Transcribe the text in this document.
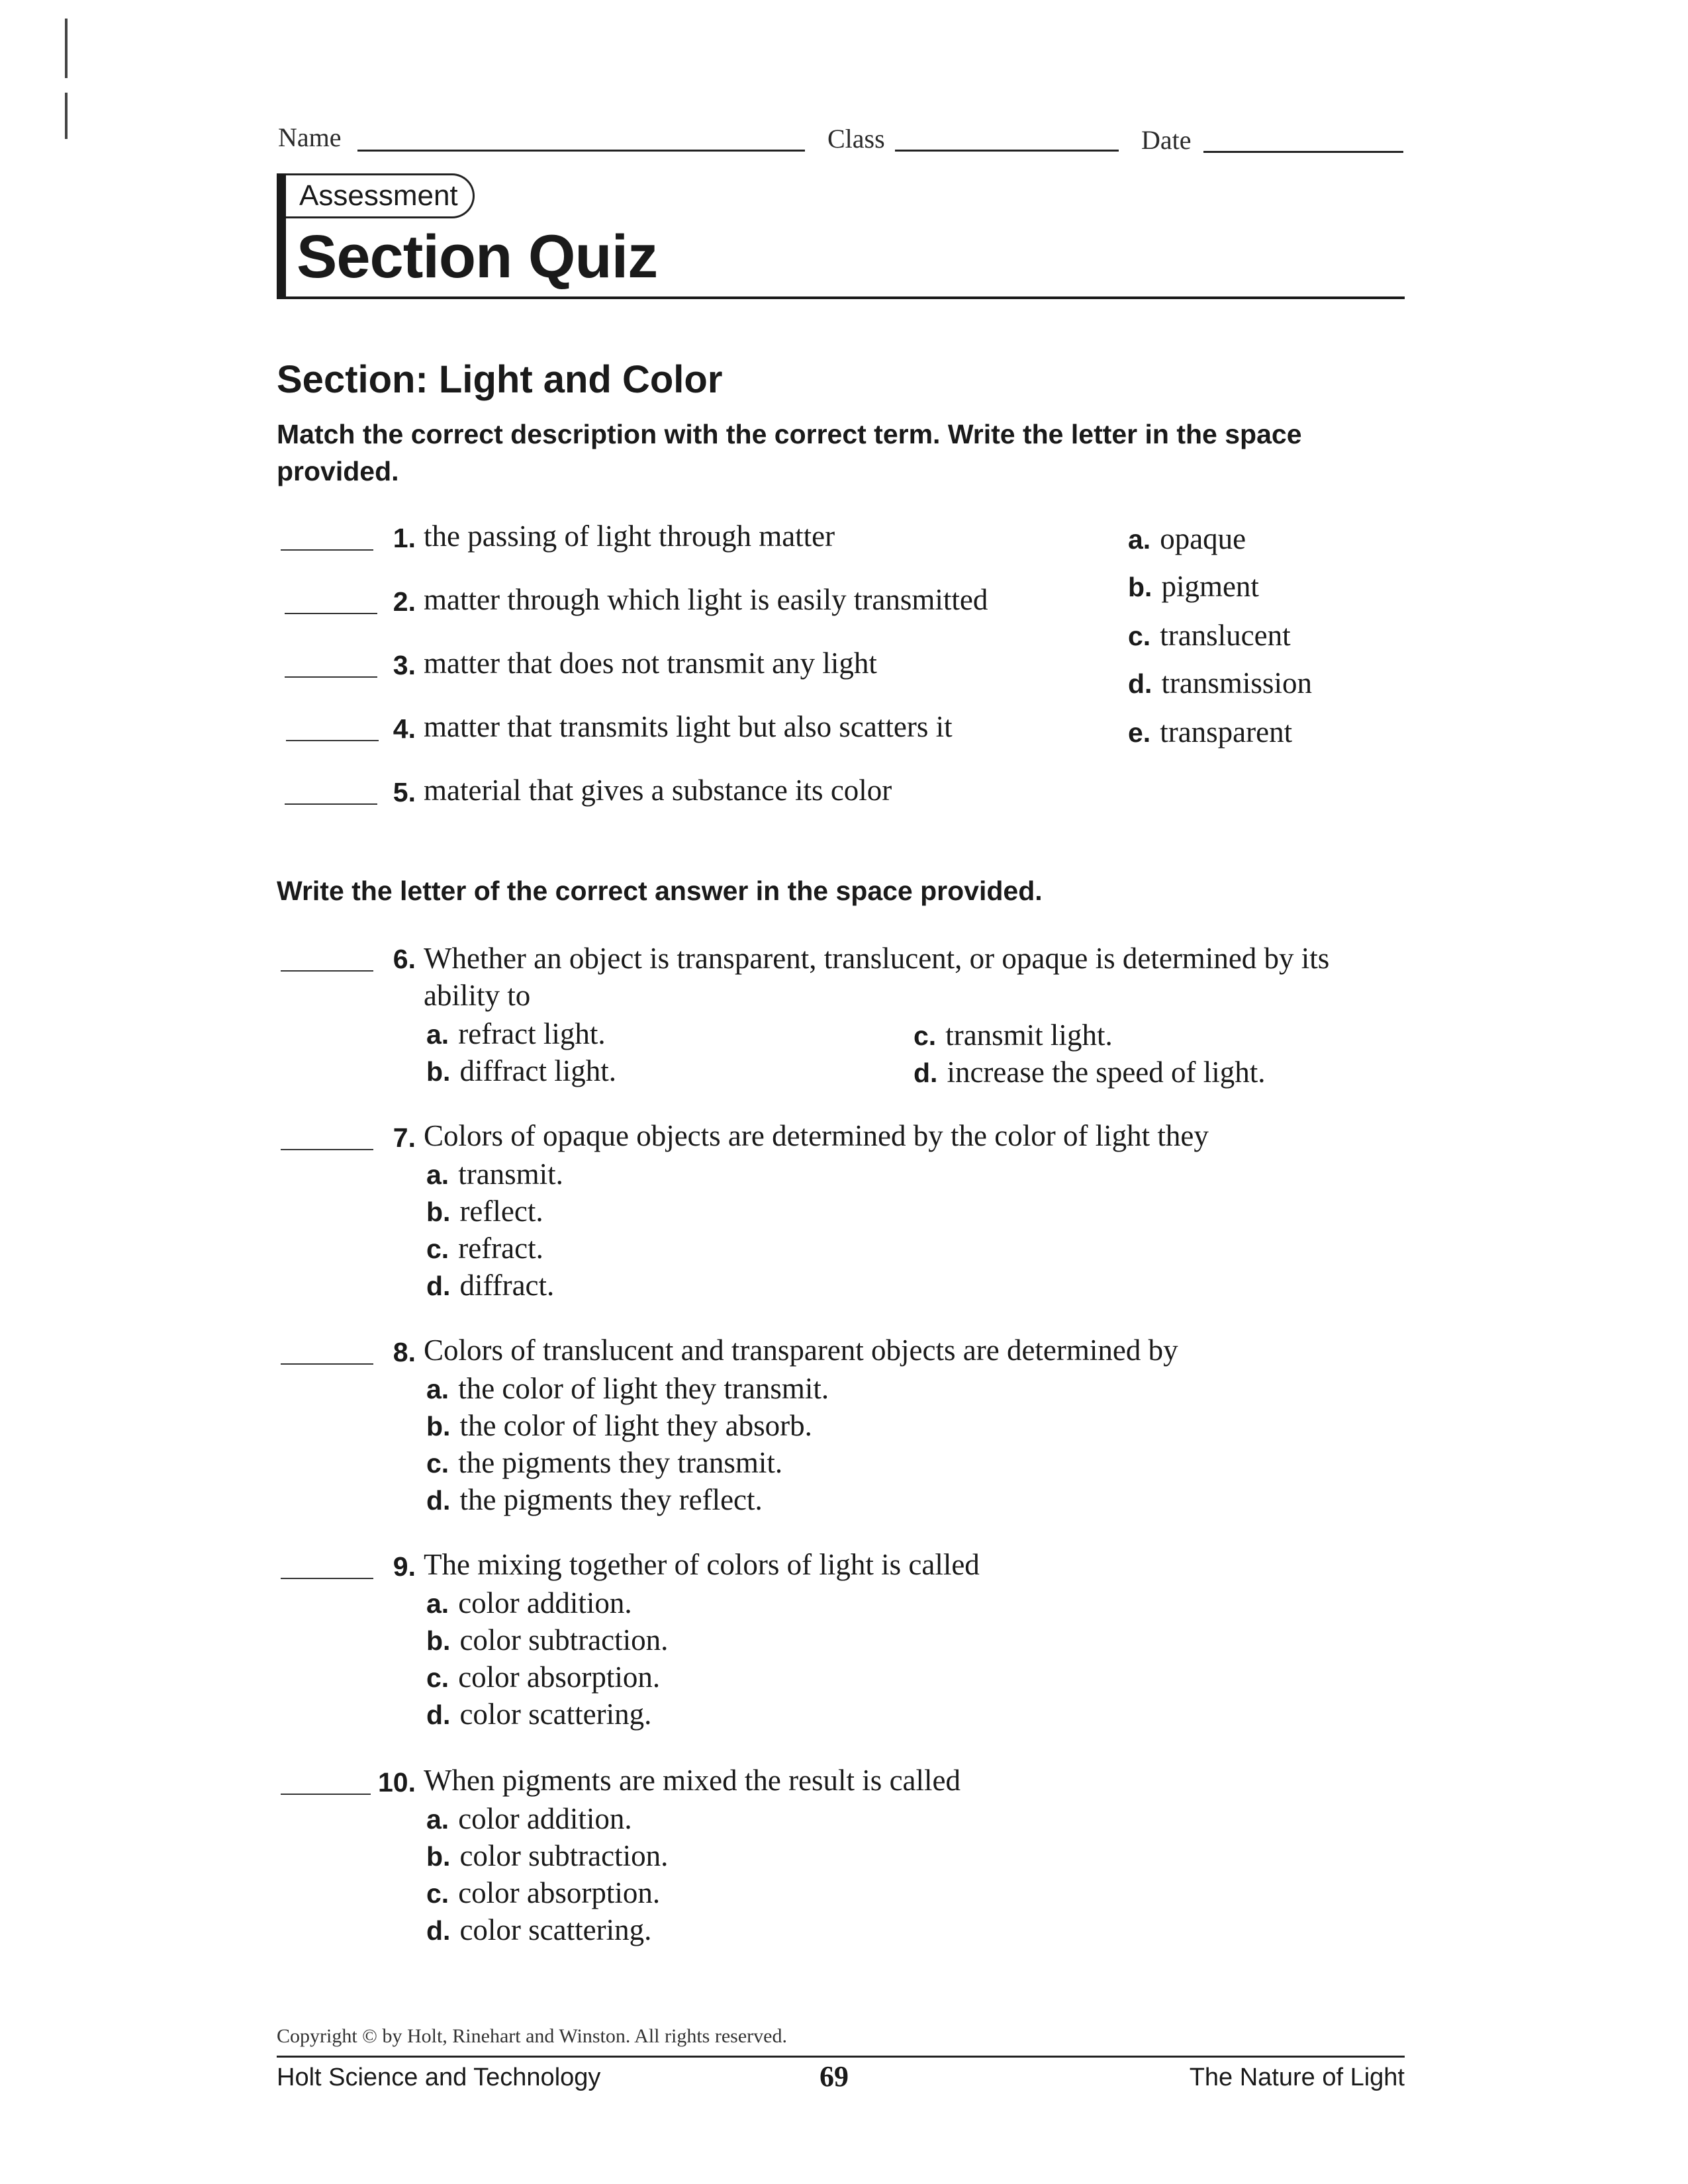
Name	Class	Date
Assessment
Section Quiz
Section: Light and Color
Match the correct description with the correct term. Write the letter in the space provided.
1. the passing of light through matter
2. matter through which light is easily transmitted
3. matter that does not transmit any light
4. matter that transmits light but also scatters it
5. material that gives a substance its color
a. opaque
b. pigment
c. translucent
d. transmission
e. transparent
Write the letter of the correct answer in the space provided.
6. Whether an object is transparent, translucent, or opaque is determined by its ability to
a. refract light.
b. diffract light.
c. transmit light.
d. increase the speed of light.
7. Colors of opaque objects are determined by the color of light they
a. transmit.
b. reflect.
c. refract.
d. diffract.
8. Colors of translucent and transparent objects are determined by
a. the color of light they transmit.
b. the color of light they absorb.
c. the pigments they transmit.
d. the pigments they reflect.
9. The mixing together of colors of light is called
a. color addition.
b. color subtraction.
c. color absorption.
d. color scattering.
10. When pigments are mixed the result is called
a. color addition.
b. color subtraction.
c. color absorption.
d. color scattering.
Copyright © by Holt, Rinehart and Winston. All rights reserved.
Holt Science and Technology	69	The Nature of Light
